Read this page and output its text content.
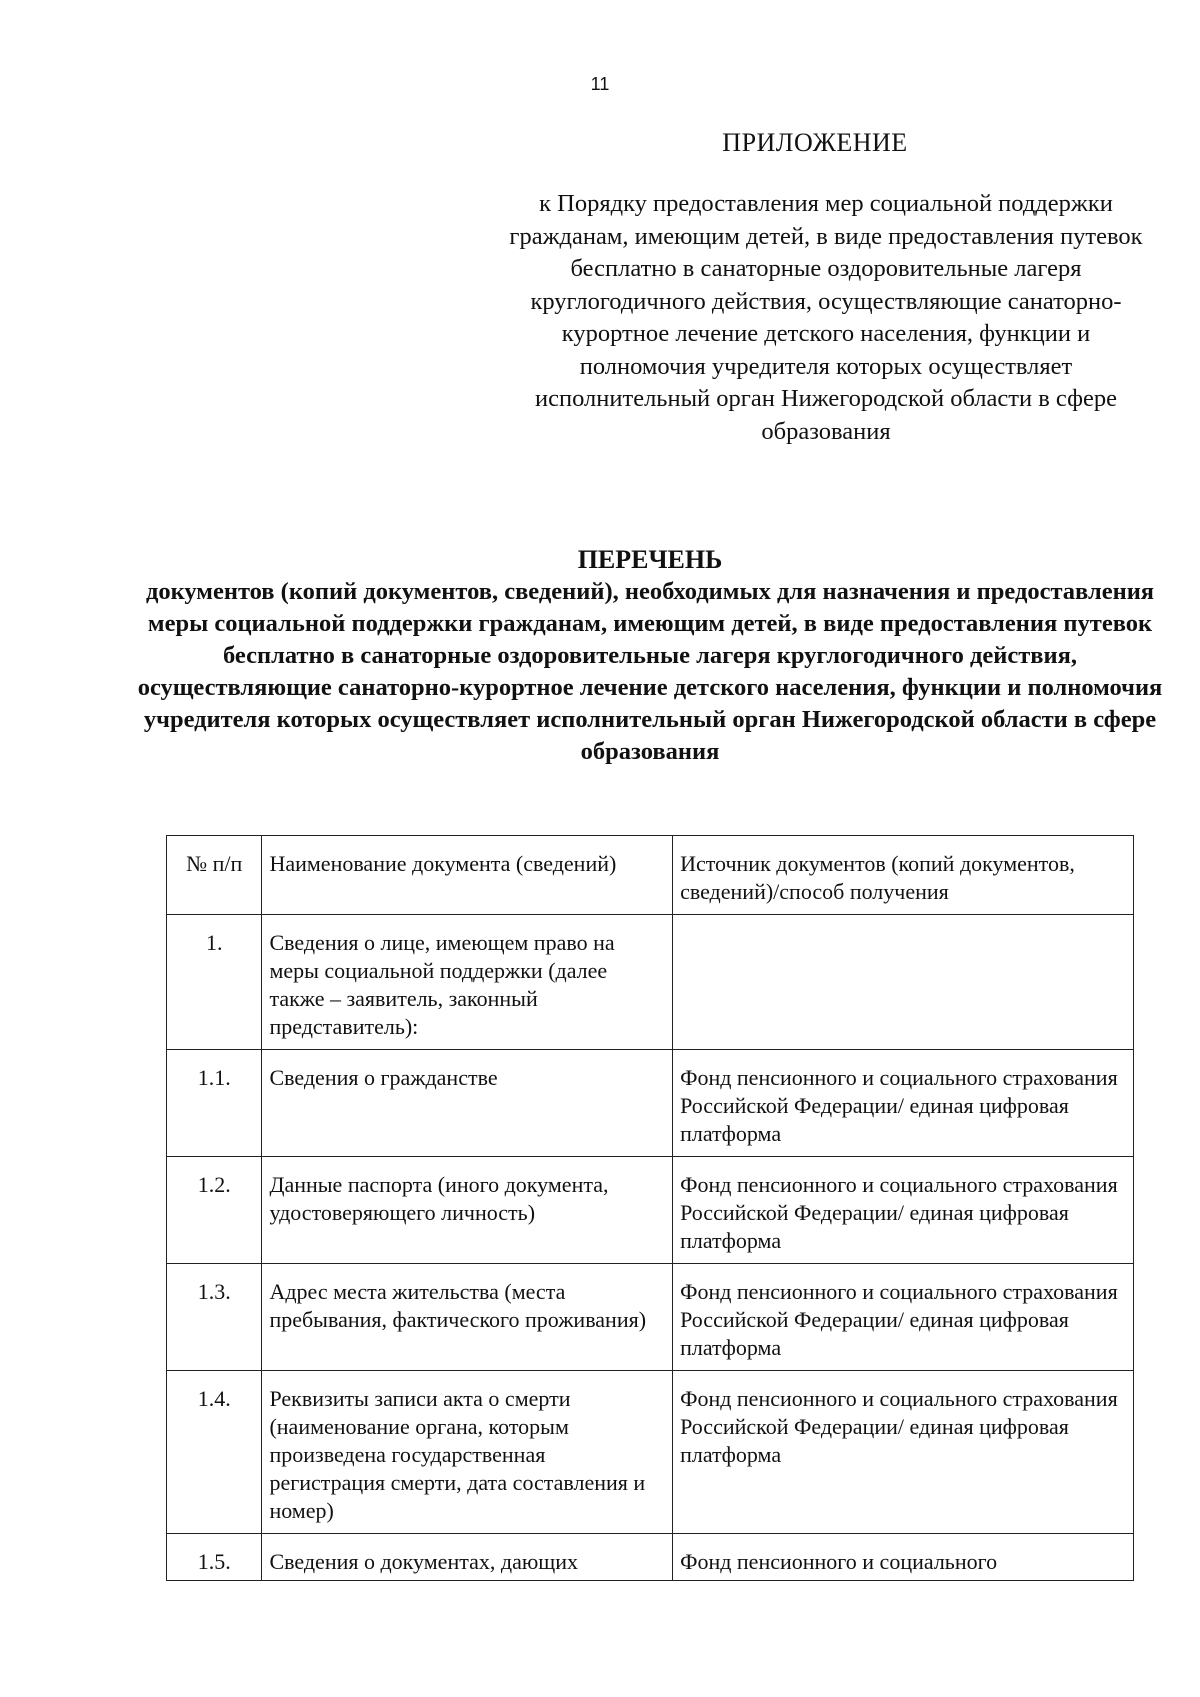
11
ПРИЛОЖЕНИЕ
к Порядку предоставления мер социальной поддержки гражданам, имеющим детей, в виде предоставления путевок бесплатно в санаторные оздоровительные лагеря круглогодичного действия, осуществляющие санаторно-курортное лечение детского населения, функции и полномочия учредителя которых осуществляет исполнительный орган Нижегородской области в сфере образования
ПЕРЕЧЕНЬ
документов (копий документов, сведений), необходимых для назначения и предоставления меры социальной поддержки гражданам, имеющим детей, в виде предоставления путевок бесплатно в санаторные оздоровительные лагеря круглогодичного действия, осуществляющие санаторно-курортное лечение детского населения, функции и полномочия учредителя которых осуществляет исполнительный орган Нижегородской области в сфере образования
№ п/п	Наименование документа (сведений)	Источник документов (копий документов, сведений)/способ получения
1.	Сведения о лице, имеющем право на меры социальной поддержки (далее также – заявитель, законный представитель):	
1.1.	Сведения о гражданстве	Фонд пенсионного и социального страхования Российской Федерации/ единая цифровая платформа
1.2.	Данные паспорта (иного документа, удостоверяющего личность)	Фонд пенсионного и социального страхования Российской Федерации/ единая цифровая платформа
1.3.	Адрес места жительства (места пребывания, фактического проживания)	Фонд пенсионного и социального страхования Российской Федерации/ единая цифровая платформа
1.4.	Реквизиты записи акта о смерти (наименование органа, которым произведена государственная регистрация смерти, дата составления и номер)	Фонд пенсионного и социального страхования Российской Федерации/ единая цифровая платформа
1.5.	Сведения о документах, дающих	Фонд пенсионного и социального
